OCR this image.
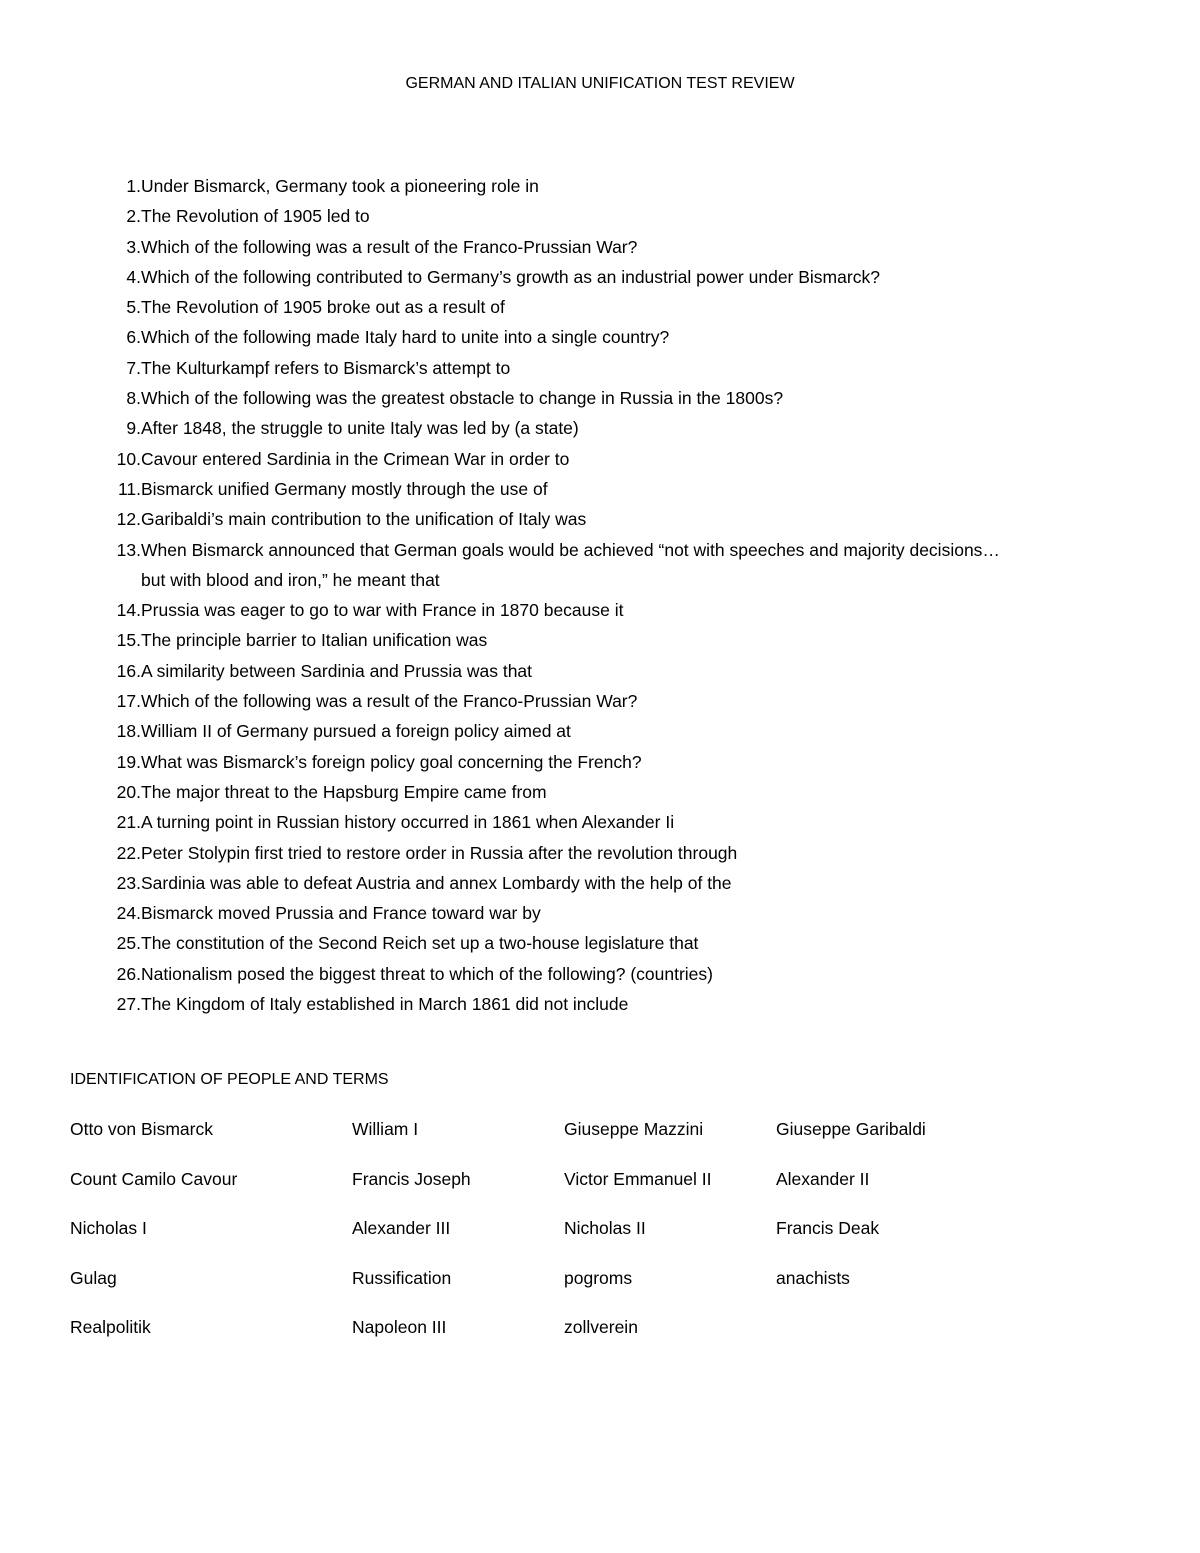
GERMAN AND ITALIAN UNIFICATION TEST REVIEW
1. Under Bismarck, Germany took a pioneering role in
2. The Revolution of 1905 led to
3. Which of the following was a result of the Franco-Prussian War?
4. Which of the following contributed to Germany’s growth as an industrial power under Bismarck?
5. The Revolution of 1905 broke out as a result of
6. Which of the following made Italy hard to unite into a single country?
7. The Kulturkampf refers to Bismarck’s attempt to
8. Which of the following was the greatest obstacle to change in Russia in the 1800s?
9. After 1848, the struggle to unite Italy was led by (a state)
10. Cavour entered Sardinia in the Crimean War in order to
11. Bismarck unified Germany mostly through the use of
12. Garibaldi’s main contribution to the unification of Italy was
13. When Bismarck announced that German goals would be achieved “not with speeches and majority decisions…
but with blood and iron,” he meant that
14. Prussia was eager to go to war with France in 1870 because it
15. The principle barrier to Italian unification was
16. A similarity between Sardinia and Prussia was that
17. Which of the following was a result of the Franco-Prussian War?
18. William II of Germany pursued a foreign policy aimed at
19. What was Bismarck’s foreign policy goal concerning the French?
20. The major threat to the Hapsburg Empire came from
21. A turning point in Russian history occurred in 1861 when Alexander Ii
22. Peter Stolypin first tried to restore order in Russia after the revolution through
23. Sardinia was able to defeat Austria and annex Lombardy with the help of the
24. Bismarck moved Prussia and France toward war by
25. The constitution of the Second Reich set up a two-house legislature that
26. Nationalism posed the biggest threat to which of the following? (countries)
27. The Kingdom of Italy established in March 1861 did not include
IDENTIFICATION OF PEOPLE AND TERMS
Otto von Bismarck	William I	Giuseppe Mazzini	Giuseppe Garibaldi
Count Camilo Cavour	Francis Joseph	Victor Emmanuel II	Alexander II
Nicholas I	Alexander III	Nicholas II	Francis Deak
Gulag	Russification	pogroms	anachists
Realpolitik	Napoleon III	zollverein
